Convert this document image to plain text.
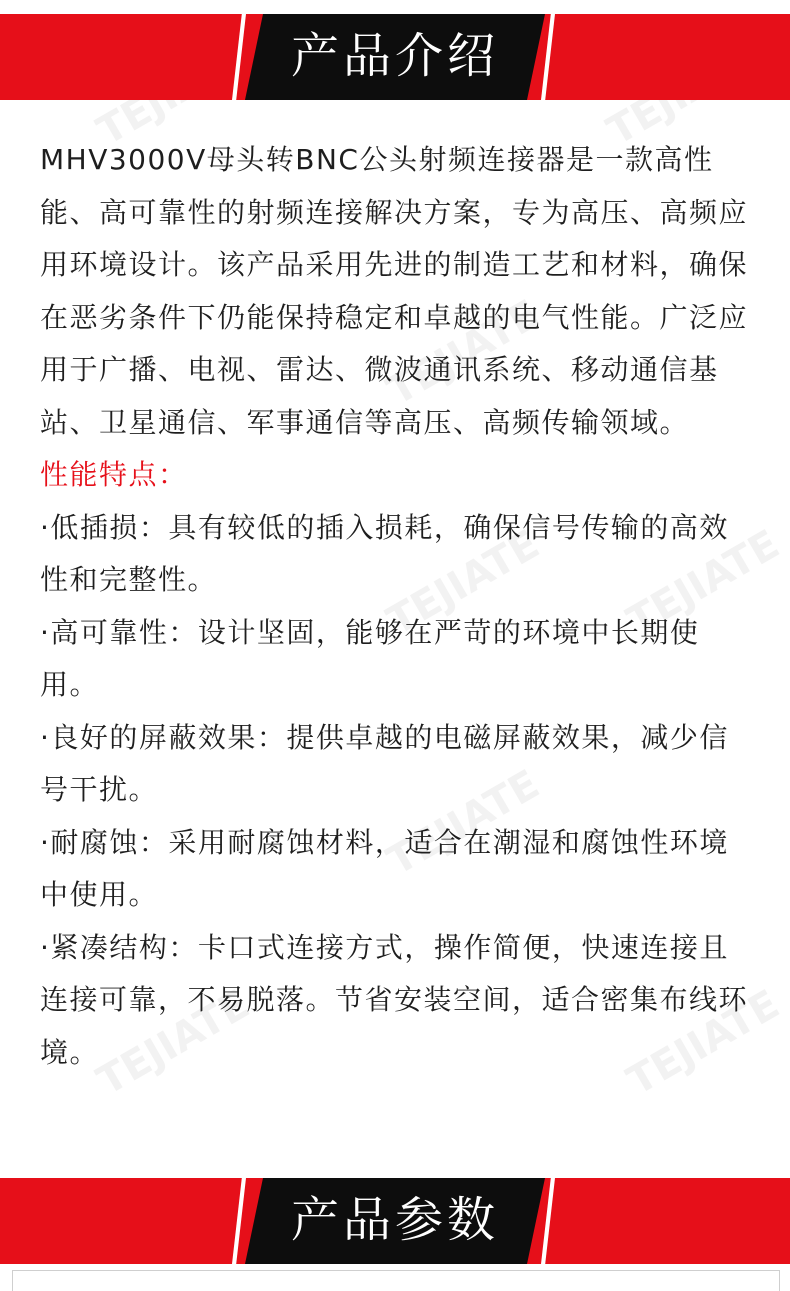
TEJIATE
TEJIATE TEJIATE
TEJIATE
TEJIATE	TEJIATE
产品介绍

MHV3000V母头转BNC公头射频连接器是一款高性能、高可靠性的射频连接解决方案，专为高压、高频应用环境设计。该产品采用先进的制造工艺和材料，确保在恶劣条件下仍能保持稳定和卓越的电气性能。广泛应用于广播、电视、雷达、微波通讯系统、移动通信基站、卫星通信、军事通信等高压、高频传输领域。

性能特点：

·低插损：具有较低的插入损耗，确保信号传输的高效性和完整性。

·高可靠性：设计坚固，能够在严苛的环境中长期使用。

·良好的屏蔽效果：提供卓越的电磁屏蔽效果，减少信号干扰。

·耐腐蚀：采用耐腐蚀材料，适合在潮湿和腐蚀性环境中使用。

·紧凑结构：卡口式连接方式，操作简便，快速连接且连接可靠，不易脱落。节省安装空间，适合密集布线环境。

产品参数
